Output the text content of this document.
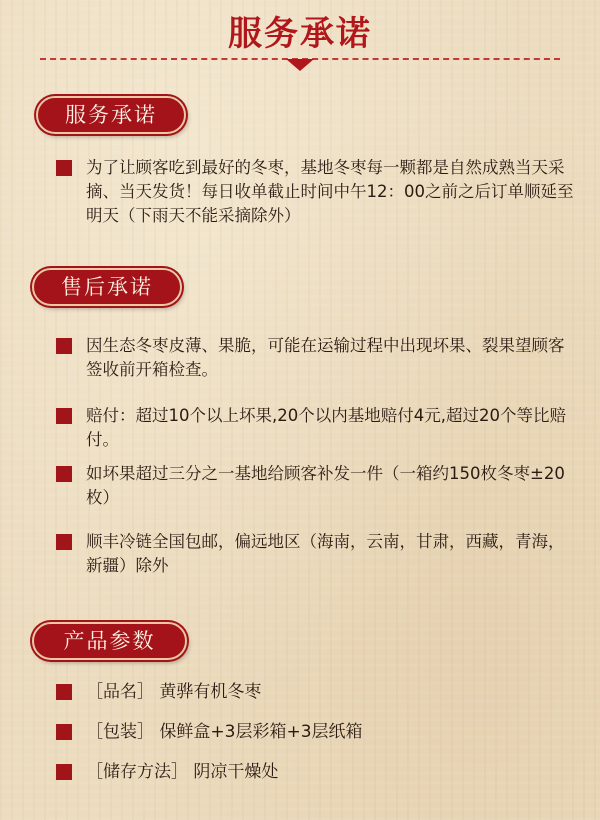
服务承诺
服务承诺
为了让顾客吃到最好的冬枣，基地冬枣每一颗都是自然成熟当天采摘、当天发货！每日收单截止时间中午12：00之前之后订单顺延至明天（下雨天不能采摘除外）
售后承诺
因生态冬枣皮薄、果脆，可能在运输过程中出现坏果、裂果望顾客签收前开箱检查。
赔付：超过10个以上坏果,20个以内基地赔付4元,超过20个等比赔付。
如坏果超过三分之一基地给顾客补发一件（一箱约150枚冬枣±20枚）
顺丰冷链全国包邮，偏远地区（海南，云南，甘肃，西藏，青海，新疆）除外
产品参数
［品名］ 黄骅有机冬枣
［包装］ 保鲜盒+3层彩箱+3层纸箱
［储存方法］ 阴凉干燥处
